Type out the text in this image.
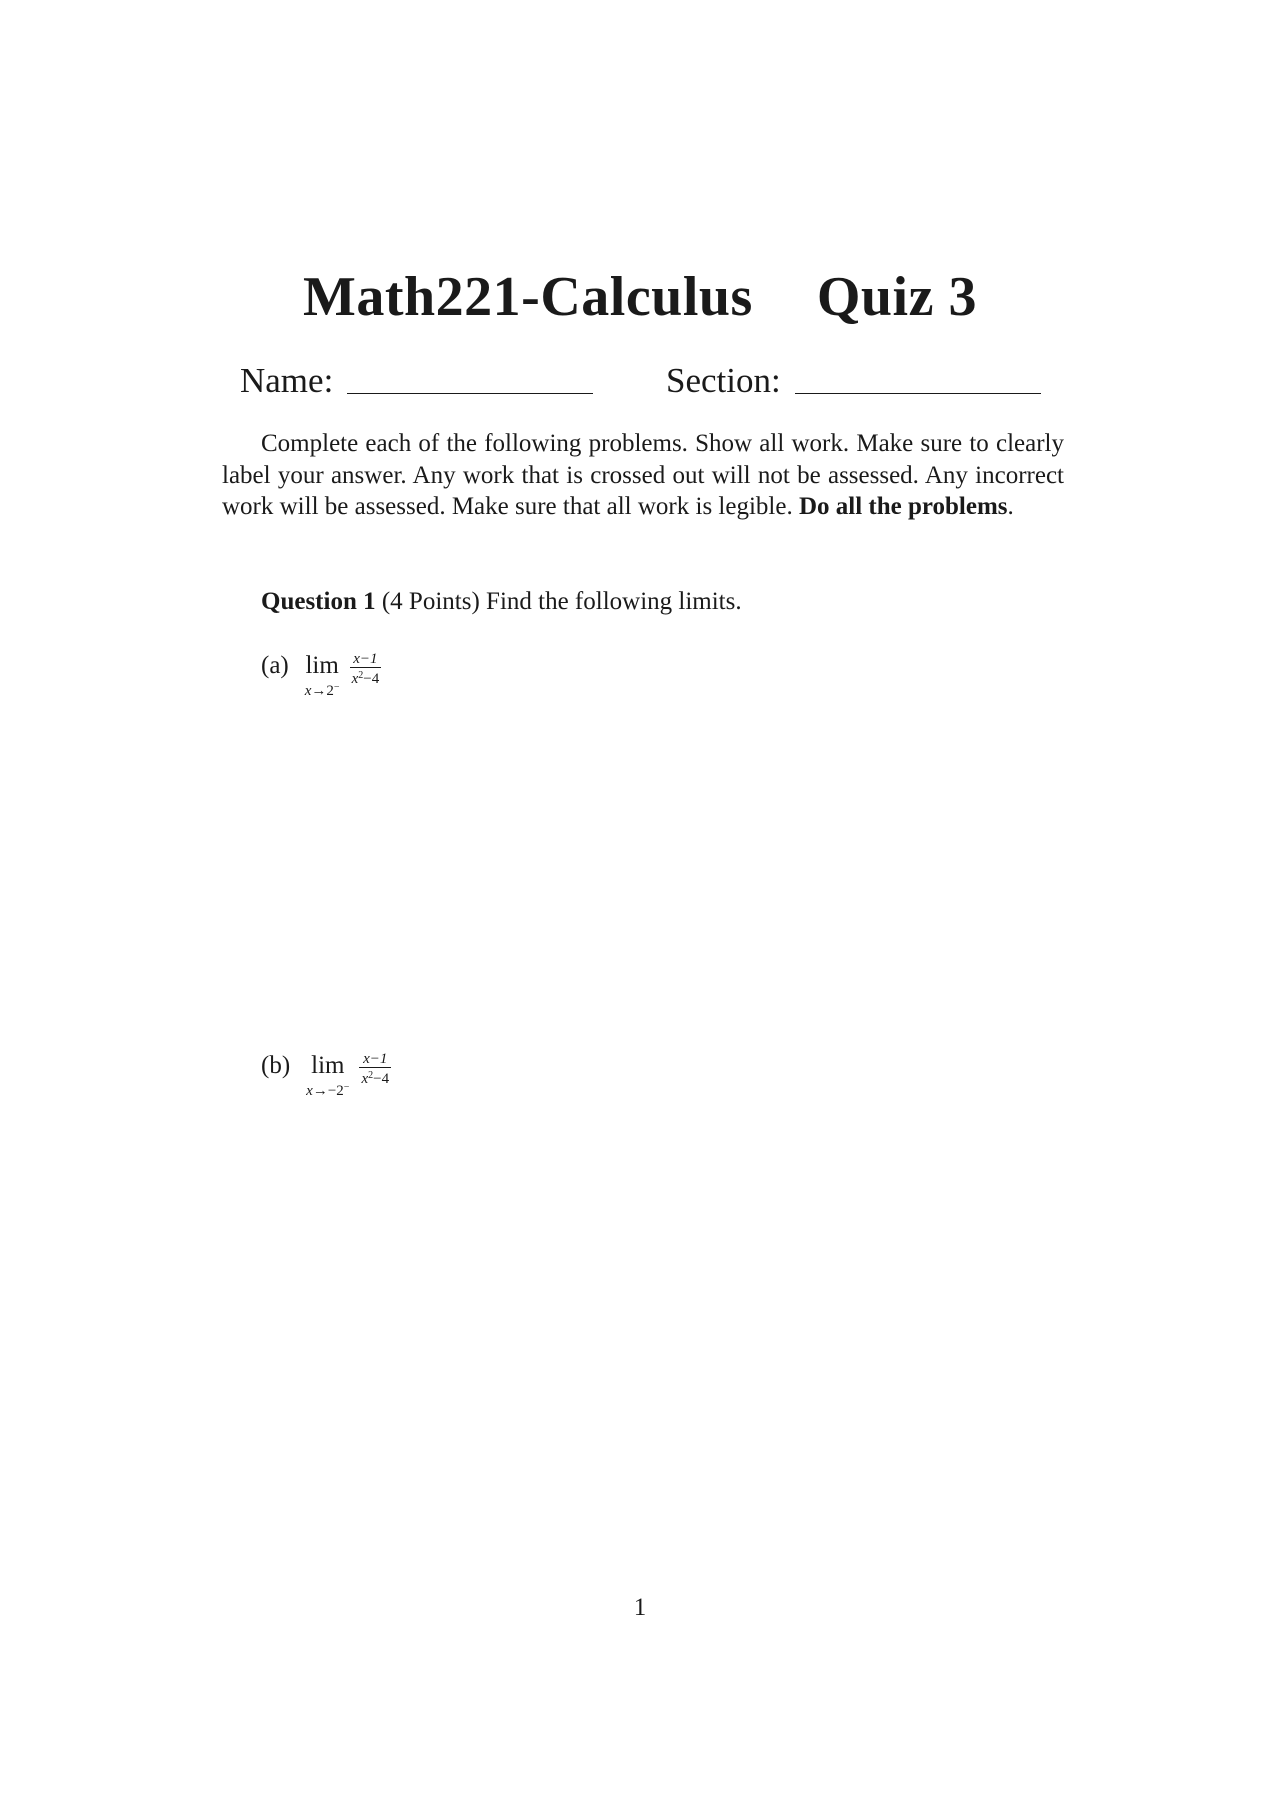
Math221-Calculus Quiz 3
Name:	Section:

Complete each of the following problems. Show all work. Make sure to clearly label your answer. Any work that is crossed out will not be assessed. Any incorrect work will be assessed. Make sure that all work is legible. Do all the problems.

Question 1 (4 Points) Find the following limits.
(a) lim
x→2−
$\frac{x-1}{x^2-4}$
(b) lim
x→−2−
$\frac{x-1}{x^2-4}$
1
